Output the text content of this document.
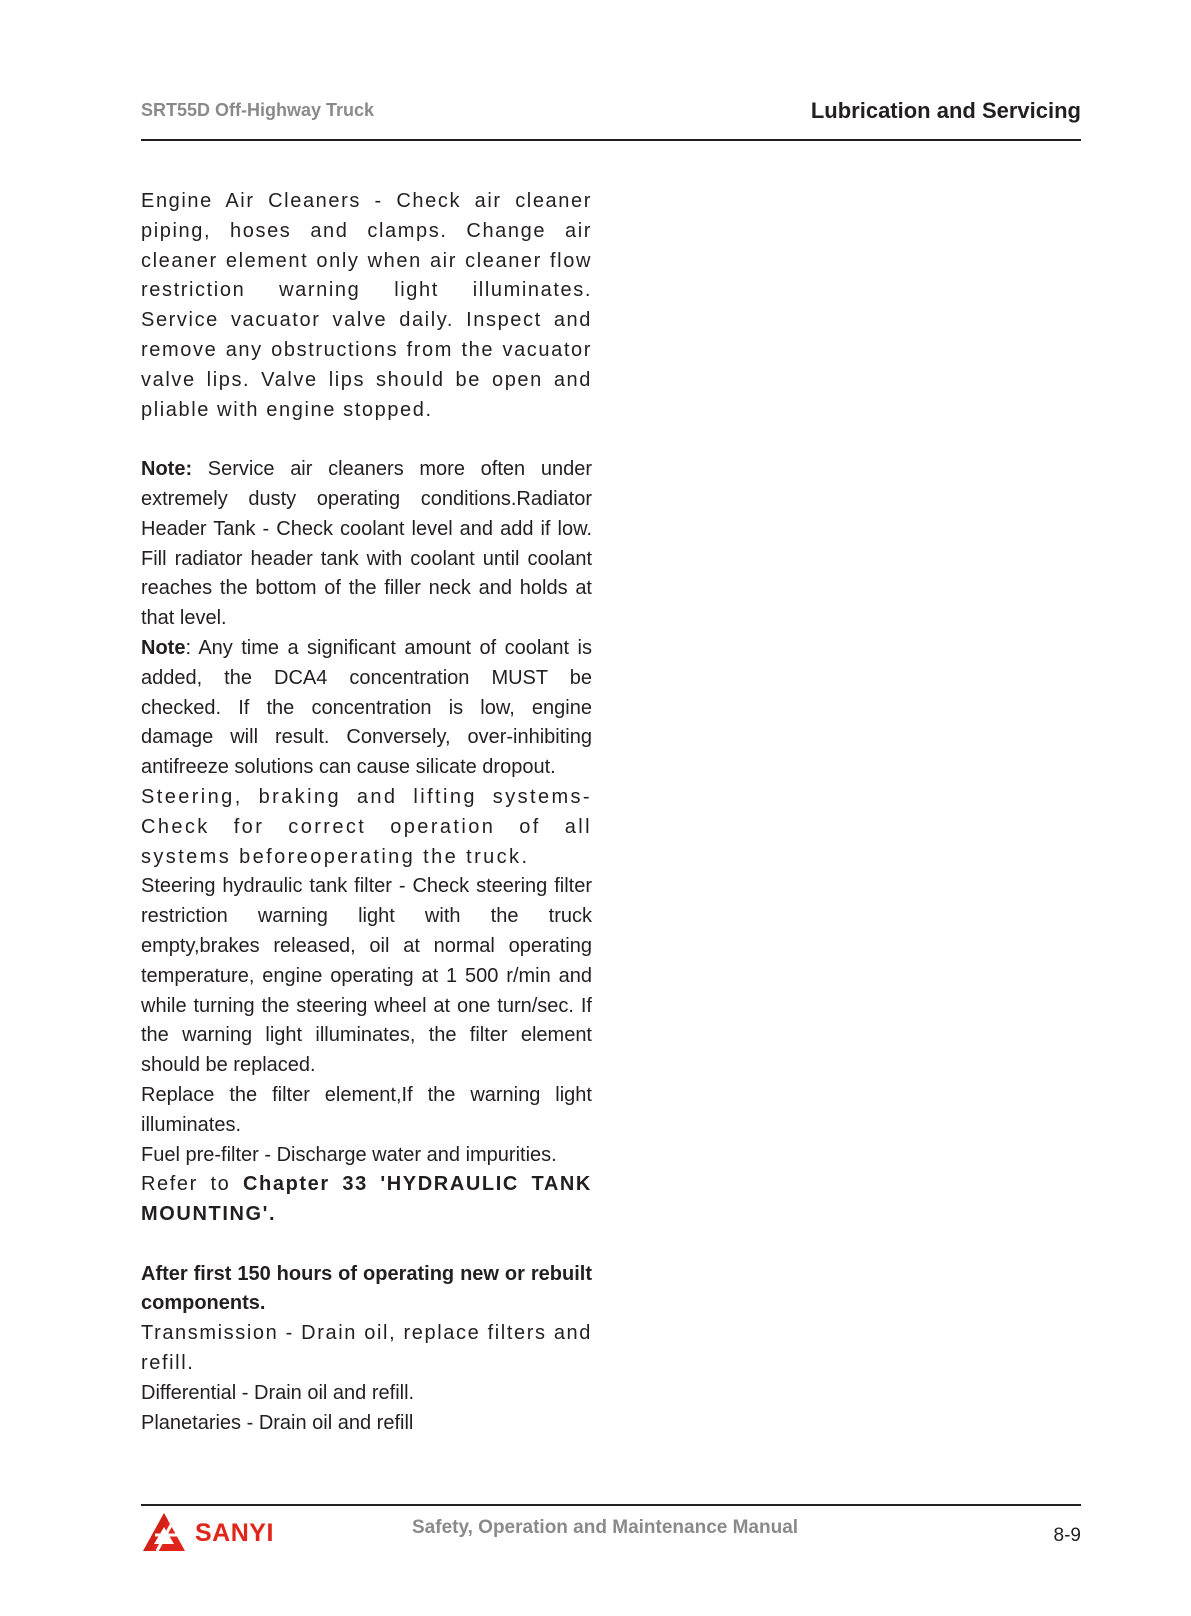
SRT55D Off-Highway Truck	Lubrication and Servicing

Engine Air Cleaners - Check air cleaner piping, hoses and clamps. Change air cleaner element only when air cleaner flow restriction warning light illuminates. Service vacuator valve daily. Inspect and remove any obstructions from the vacuator valve lips. Valve lips should be open and pliable with engine stopped.

Note: Service air cleaners more often under extremely dusty operating conditions.Radiator Header Tank - Check coolant level and add if low. Fill radiator header tank with coolant until coolant reaches the bottom of the filler neck and holds at that level.

Note: Any time a significant amount of coolant is added, the DCA4 concentration MUST be checked. If the concentration is low, engine damage will result. Conversely, over-inhibiting antifreeze solutions can cause silicate dropout.

Steering, braking and lifting systems- Check for correct operation of all systems beforeoperating the truck.

Steering hydraulic tank filter - Check steering filter restriction warning light with the truck empty,brakes released, oil at normal operating temperature, engine operating at 1 500 r/min and while turning the steering wheel at one turn/sec. If the warning light illuminates, the filter element should be replaced.

Replace the filter element,If the warning light illuminates.

Fuel pre-filter - Discharge water and impurities.

Refer to Chapter 33 'HYDRAULIC TANK MOUNTING'.

After first 150 hours of operating new or rebuilt components.

Transmission - Drain oil, replace filters and refill.

Differential - Drain oil and refill.

Planetaries - Drain oil and refill

SANYI	Safety, Operation and Maintenance Manual	8-9
